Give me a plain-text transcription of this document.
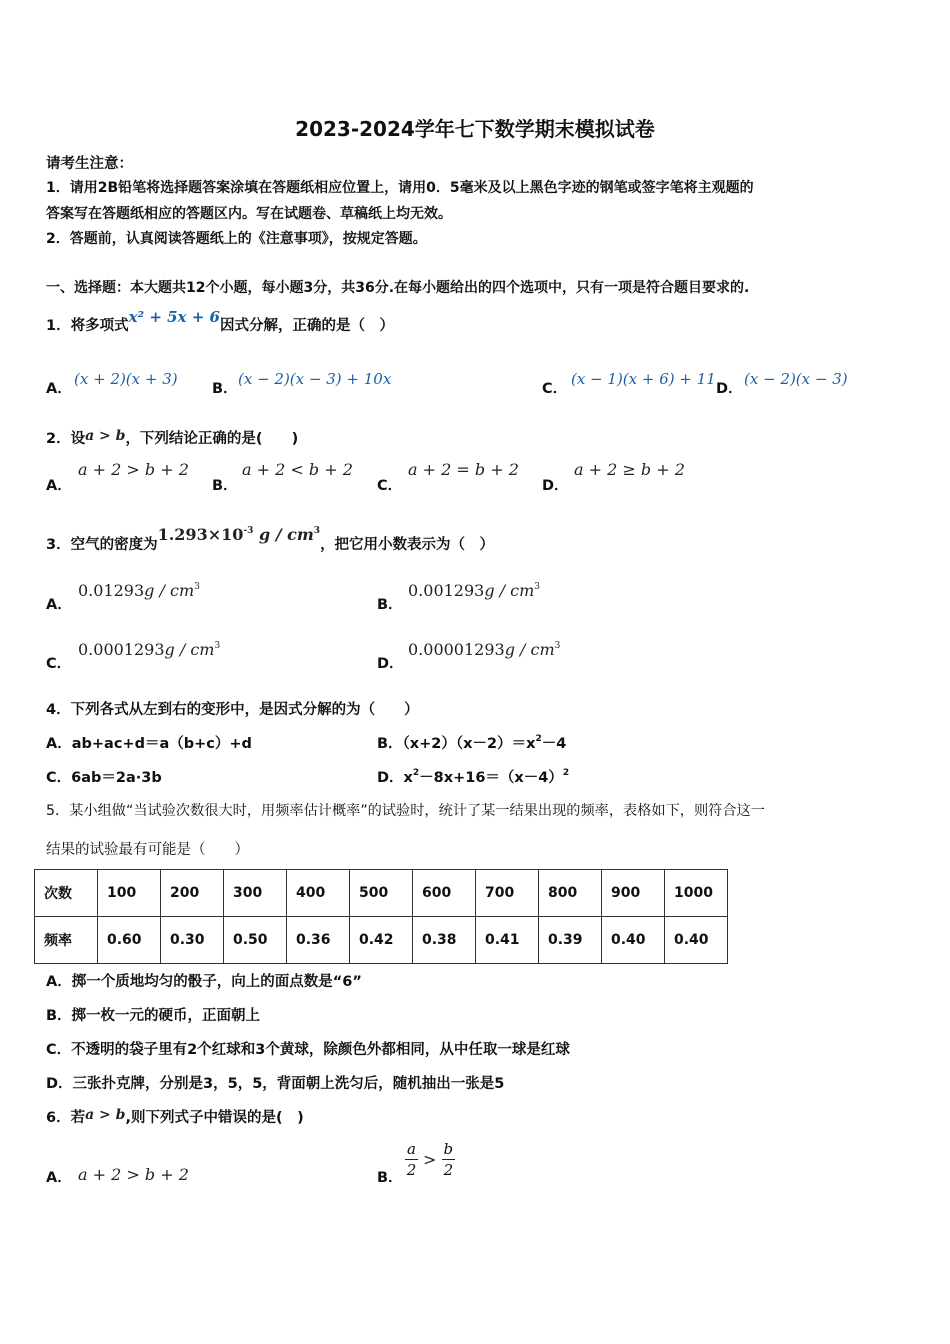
2023-2024学年七下数学期末模拟试卷
请考生注意：
1．请用2B铅笔将选择题答案涂填在答题纸相应位置上，请用0．5毫米及以上黑色字迹的钢笔或签字笔将主观题的
答案写在答题纸相应的答题区内。写在试题卷、草稿纸上均无效。
2．答题前，认真阅读答题纸上的《注意事项》，按规定答题。
一、选择题：本大题共12个小题，每小题3分，共36分.在每小题给出的四个选项中，只有一项是符合题目要求的.
1．将多项式x² + 5x + 6因式分解，正确的是（　）
A．
(x + 2)(x + 3)
B．
(x − 2)(x − 3) + 10x
C．
(x − 1)(x + 6) + 11
D．
(x − 2)(x − 3)
2．设a > b，下列结论正确的是(　　)
A．
a + 2 > b + 2
B．
a + 2 < b + 2
C．
a + 2 = b + 2
D．
a + 2 ≥ b + 2
3．空气的密度为$1.293\times 10^{-3}$ g / $cm^3$，把它用小数表示为（　）
A．
$0.01293g / cm^3$
B．
$0.001293g / cm^3$
C．
$0.0001293g / cm^3$
D．
$0.00001293g / cm^3$
4．下列各式从左到右的变形中，是因式分解的为（　　）
A．ab+ac+d＝a（b+c）+d	B．$(x+2)(x-2)=x^2-4$
C．6ab＝2a·3b	D．$x^2-8x+16=(x-4)^2$
5．某小组做“当试验次数很大时，用频率估计概率”的试验时，统计了某一结果出现的频率，表格如下，则符合这一
结果的试验最有可能是（　　）
次数	100	200	300	400	500	600	700	800	900	1000
频率	0.60	0.30	0.50	0.36	0.42	0.38	0.41	0.39	0.40	0.40
A．掷一个质地均匀的骰子，向上的面点数是“6”
B．掷一枚一元的硬币，正面朝上
C．不透明的袋子里有2个红球和3个黄球，除颜色外都相同，从中任取一球是红球
D．三张扑克牌，分别是3，5，5，背面朝上洗匀后，随机抽出一张是5
6．若a > b,则下列式子中错误的是(　)
A． a + 2 > b + 2	B． $\frac{a}{2} > \frac{b}{2}$
